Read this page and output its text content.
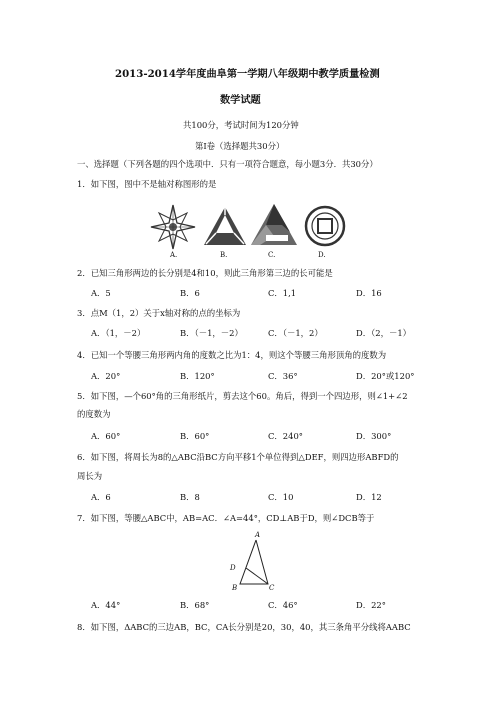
2013-2014学年度曲阜第一学期八年级期中教学质量检测
数学试题
共100分，考试时间为120分钟
第Ⅰ卷（选择题共30分）
一、选择题（下列各题的四个选项中．只有一项符合题意，每小题3分．共30分）
1．如下图，图中不是轴对称图形的是
A.	B.	C.	D.
2．已知三角形两边的长分别是4和10，则此三角形第三边的长可能是
A．5	B．6	C．1,1	D．16
3．点M（1，2）关于x轴对称的点的坐标为
A．（1，－2）	B．（－1，－2）	C．（－1，2）	D．（2，－1）
4．已知一个等腰三角形两内角的度数之比为1：4，则这个等腰三角形顶角的度数为
A．20°	B．120°	C．36°	D．20°或120°
5．如下图，—个60°角的三角形纸片，剪去这个60。角后，得到一个四边形，则∠1+∠2
的度数为
A．60°	B．60°	C．240°	D．300°
6．如下图，将周长为8的△ABC沿BC方向平移1个单位得到△DEF，则四边形ABFD的
周长为
A．6	B．8	C．10	D．12
7．如下图，等腰△ABC中，AB=AC．∠A=44°，CD⊥AB于D，则∠DCB等于
A
D
B	C
A．44°	B．68°	C．46°	D．22°
8．如下图，ΔABC的三边AB，BC，CA长分别是20，30，40，其三条角平分线将AABC
